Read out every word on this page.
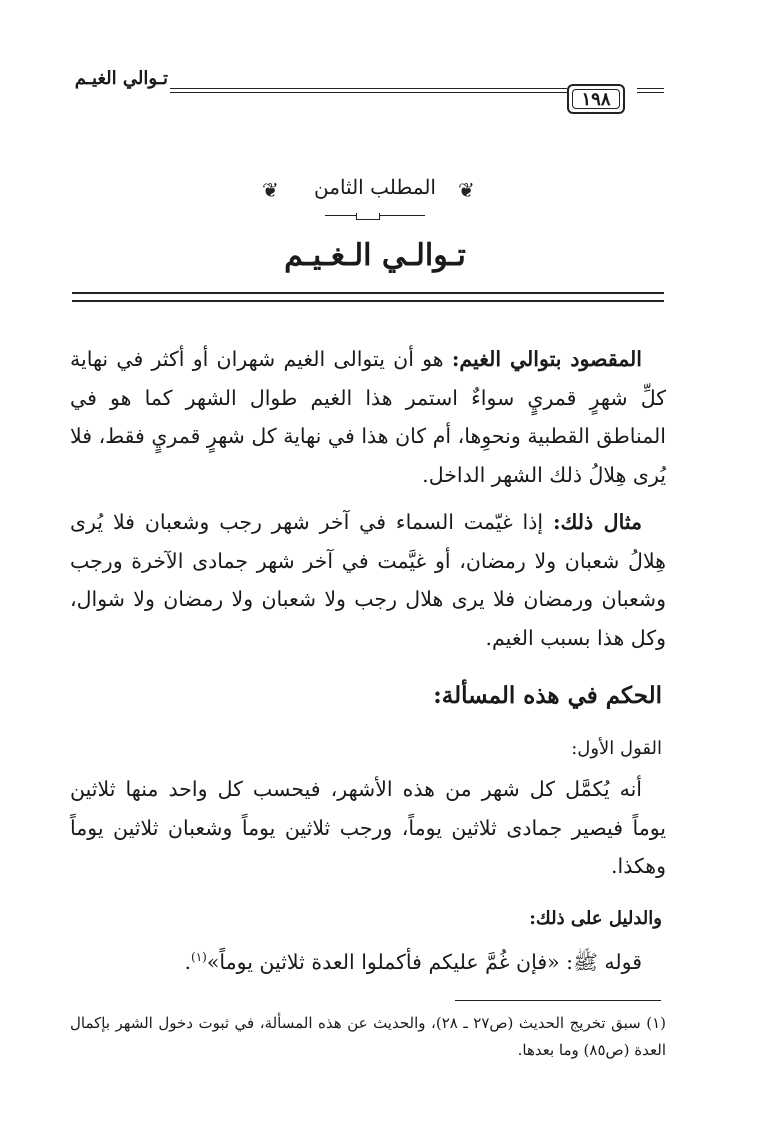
تـوالي الغيـم
١٩٨
❦	المطلب الثامن	❦
تـوالـي الـغـيـم
المقصود بتوالي الغيم: هو أن يتوالى الغيم شهران أو أكثر في نهاية كلِّ شهرٍ قمريٍ سواءٌ استمر هذا الغيم طوال الشهر كما هو في المناطق القطبية ونحوِها، أم كان هذا في نهاية كل شهرٍ قمريٍ فقط، فلا يُرى هِلالُ ذلك الشهر الداخل.
مثال ذلك: إذا غيّمت السماء في آخر شهر رجب وشعبان فلا يُرى هِلالُ شعبان ولا رمضان، أو غيَّمت في آخر شهر جمادى الآخرة ورجب وشعبان ورمضان فلا يرى هلال رجب ولا شعبان ولا رمضان ولا شوال، وكل هذا بسبب الغيم.
الحكم في هذه المسألة:
القول الأول:
أنه يُكمَّل كل شهر من هذه الأشهر، فيحسب كل واحد منها ثلاثين يوماً فيصير جمادى ثلاثين يوماً، ورجب ثلاثين يوماً وشعبان ثلاثين يوماً وهكذا.
والدليل على ذلك:
قوله ﷺ: «فإن غُمَّ عليكم فأكملوا العدة ثلاثين يوماً»$^{(١)}$.
(١) سبق تخريج الحديث (ص٢٧ ـ ٢٨)، والحديث عن هذه المسألة، في ثبوت دخول الشهر بإكمال العدة (ص٨٥) وما بعدها.
